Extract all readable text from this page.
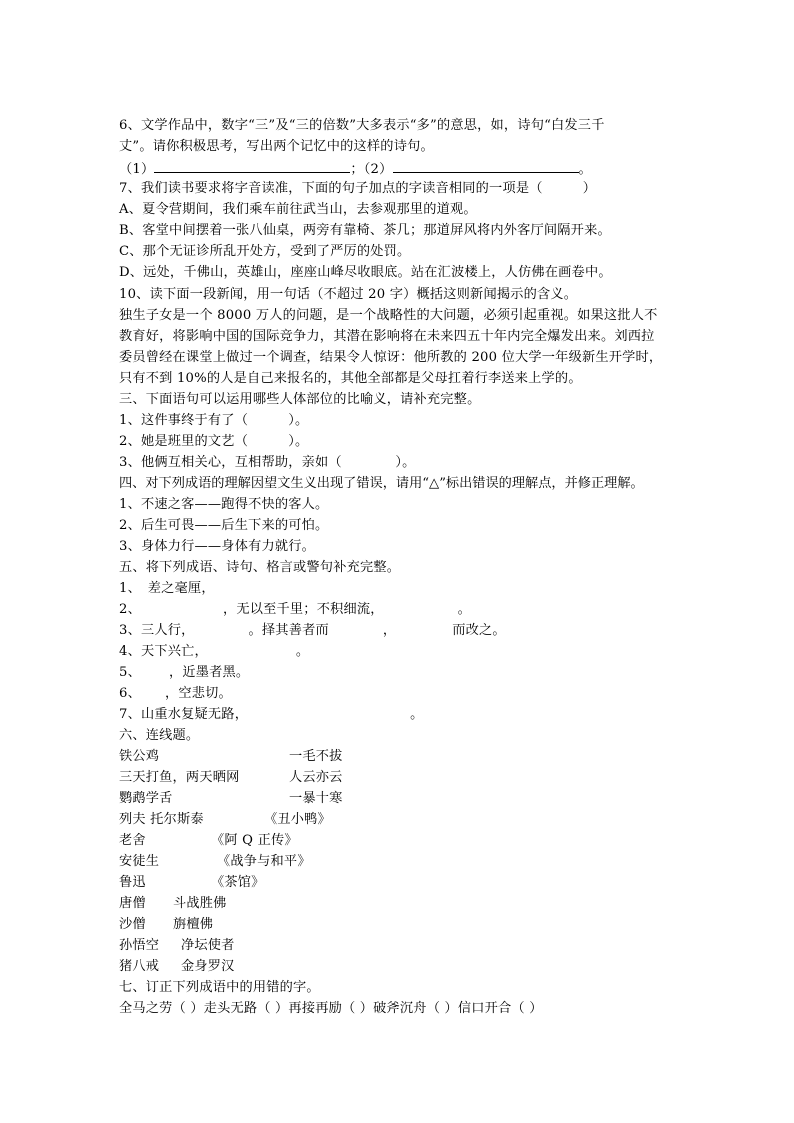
6、文学作品中，数字“三”及“三的倍数”大多表示“多”的意思，如，诗句“白发三千
丈”。请你积极思考，写出两个记忆中的这样的诗句。
（1）	；（2）	。
7、我们读书要求将字音读准，下面的句子加点的字读音相同的一项是（　　　）
A、夏令营期间，我们乘车前往武当山，去参观那里的道观。
B、客堂中间摆着一张八仙桌，两旁有靠椅、茶几；那道屏风将内外客厅间隔开来。
C、那个无证诊所乱开处方，受到了严厉的处罚。
D、远处，千佛山，英雄山，座座山峰尽收眼底。站在汇波楼上，人仿佛在画卷中。
10、读下面一段新闻，用一句话（不超过 20 字）概括这则新闻揭示的含义。
独生子女是一个 8000 万人的问题，是一个战略性的大问题，必须引起重视。如果这批人不
教育好，将影响中国的国际竞争力，其潜在影响将在未来四五十年内完全爆发出来。刘西拉
委员曾经在课堂上做过一个调查，结果令人惊讶：他所教的 200 位大学一年级新生开学时，
只有不到 10%的人是自己来报名的，其他全部都是父母扛着行李送来上学的。
三、下面语句可以运用哪些人体部位的比喻义，请补充完整。
1、这件事终于有了（　　　）。
2、她是班里的文艺（　　　）。
3、他俩互相关心，互相帮助，亲如（　　　　）。
四、对下列成语的理解因望文生义出现了错误，请用“△”标出错误的理解点，并修正理解。
1、不速之客——跑得不快的客人。
2、后生可畏——后生下来的可怕。
3、身体力行——身体有力就行。
五、将下列成语、诗句、格言或警句补充完整。
1、　差之毫厘，
2、	，无以至千里；不积细流，	。
3、三人行，	。择其善者而	，	而改之。
4、天下兴亡，	。
5、 ，近墨者黑。
6、 ，空悲切。
7、山重水复疑无路，	。
六、连线题。
铁公鸡	一毛不拔
三天打鱼，两天晒网	人云亦云
鹦鹉学舌	一暴十寒
列夫 托尔斯泰	《丑小鸭》
老舍	《阿 Q 正传》
安徒生	《战争与和平》
鲁迅	《茶馆》
唐僧 斗战胜佛
沙僧 旃檀佛
孙悟空 净坛使者
猪八戒 金身罗汉
七、订正下列成语中的用错的字。
全马之劳（ ）走头无路（ ）再接再励（ ）破斧沉舟（ ）信口开合（ ）
